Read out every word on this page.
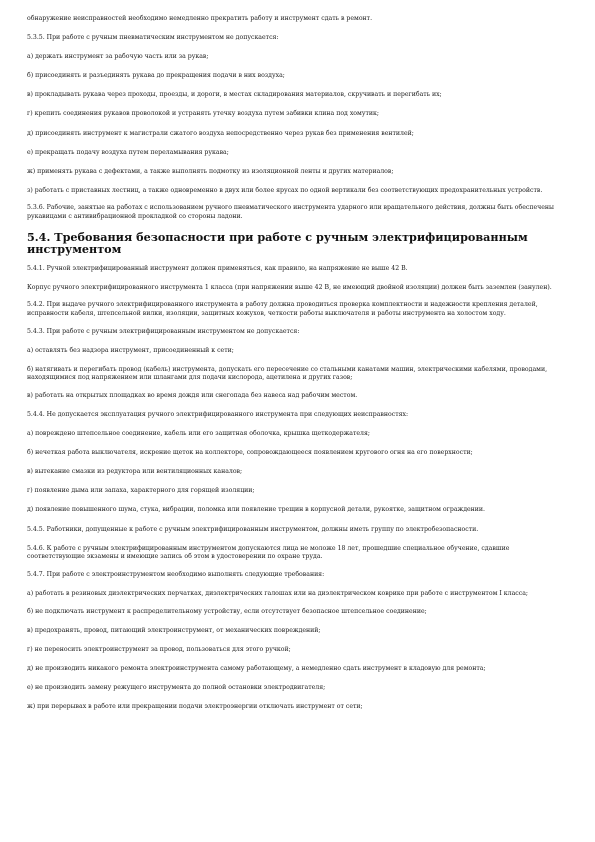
обнаружение неисправностей необходимо немедленно прекратить работу и инструмент сдать в ремонт.

5.3.5. При работе с ручным пневматическим инструментом не допускается:

а) держать инструмент за рабочую часть или за рукав;

б) присоединять и разъединять рукава до прекращения подачи в них воздуха;

в) прокладывать рукава через проходы, проезды, и дороги, в местах складирования материалов, скручивать и перегибать их;

г) крепить соединения рукавов проволокой и устранять утечку воздуха путем забивки клина под хомутик;

д) присоединять инструмент к магистрали сжатого воздуха непосредственно через рукав без применения вентилей;

е) прекращать подачу воздуха путем переламывания рукава;

ж) применять рукава с дефектами, а также выполнять подмотку из изоляционной ленты и других материалов;

з) работать с приставных лестниц, а также одновременно в двух или более ярусах по одной вертикали без соответствующих предохранительных устройств.

5.3.6. Рабочие, занятые на работах с использованием ручного пневматического инструмента ударного или вращательного действия, должны быть обеспечены рукавицами с антивибрационной прокладкой со стороны ладони.

5.4. Требования безопасности при работе с ручным электрифицированным инструментом

5.4.1. Ручной электрифицированный инструмент должен применяться, как правило, на напряжение не выше 42 В.

Корпус ручного электрифицированного инструмента 1 класса (при напряжении выше 42 В, не имеющий двойной изоляции) должен быть заземлен (занулен).

5.4.2. При выдаче ручного электрифицированного инструмента в работу должна проводиться проверка комплектности и надежности крепления деталей, исправности кабеля, штепсельной вилки, изоляции, защитных кожухов, четкости работы выключателя и работы инструмента на холостом ходу.

5.4.3. При работе с ручным электрифицированным инструментом не допускается:

а) оставлять без надзора инструмент, присоединенный к сети;

б) натягивать и перегибать провод (кабель) инструмента, допускать его пересечение со стальными канатами машин, электрическими кабелями, проводами, находящимися под напряжением или шлангами для подачи кислорода, ацетилена и других газов;

в) работать на открытых площадках во время дождя или снегопада без навеса над рабочим местом.

5.4.4. Не допускается эксплуатация ручного электрифицированного инструмента при следующих неисправностях:

а) повреждено штепсельное соединение, кабель или его защитная оболочка, крышка щеткодержателя;

б) нечеткая работа выключателя, искрение щеток на коллекторе, сопровождающееся появлением кругового огня на его поверхности;

в) вытекание смазки из редуктора или вентиляционных каналов;

г) появление дыма или запаха, характерного для горящей изоляции;

д) появление повышенного шума, стука, вибрации, поломка или появление трещин в корпусной детали, рукоятке, защитном ограждении.

5.4.5. Работники, допущенные к работе с ручным электрифицированным инструментом, должны иметь группу по электробезопасности.

5.4.6. К работе с ручным электрифицированным инструментом допускаются лица не моложе 18 лет, прошедшие специальное обучение, сдавшие соответствующие экзамены и имеющие запись об этом в удостоверении по охране труда.

5.4.7. При работе с электроинструментом необходимо выполнять следующие требования:

а) работать в резиновых диэлектрических перчатках, диэлектрических галошах или на диэлектрическом коврике при работе с инструментом I класса;

б) не подключать инструмент к распределительному устройству, если отсутствует безопасное штепсельное соединение;

в) предохранять, провод, питающий электроинструмент, от механических повреждений;

г) не переносить электроинструмент за провод, пользоваться для этого ручкой;

д) не производить никакого ремонта электроинструмента самому работающему, а немедленно сдать инструмент в кладовую для ремонта;

е) не производить замену режущего инструмента до полной остановки электродвигателя;

ж) при перерывах в работе или прекращении подачи электроэнергии отключать инструмент от сети;
